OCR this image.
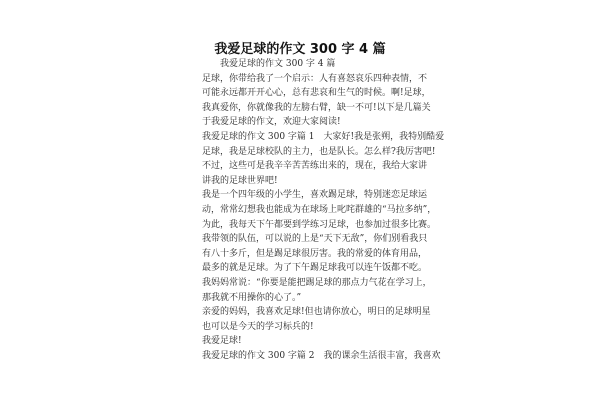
我爱足球的作文 300 字 4 篇
　　我爱足球的作文 300 字 4 篇
足球，你带给我了一个启示：人有喜怒哀乐四种表情，不
可能永远都开开心心，总有悲哀和生气的时候。啊!足球，
我真爱你，你就像我的左膀右臂，缺一不可!以下是几篇关
于我爱足球的作文，欢迎大家阅读!
我爱足球的作文 300 字篇 1　大家好!我是张朔，我特别酷爱
足球，我是足球校队的主力，也是队长。怎么样?我厉害吧!
不过，这些可是我辛辛苦苦练出来的，现在，我给大家讲
讲我的足球世界吧!
我是一个四年级的小学生，喜欢踢足球，特别迷恋足球运
动，常常幻想我也能成为在球场上叱咤群雄的“马拉多纳”，
为此，我每天下午都要到学练习足球，也参加过很多比赛。
我带领的队伍，可以说的上是“天下无敌”，你们别看我只
有八十多斤，但是踢足球很厉害。我的常爱的体育用品，
最多的就是足球。为了下午踢足球我可以连午饭都不吃。
我妈妈常说：“你要是能把踢足球的那点力气花在学习上，
那我就不用操你的心了。”
亲爱的妈妈，我喜欢足球!但也请你放心，明日的足球明星
也可以是今天的学习标兵的!
我爱足球!
我爱足球的作文 300 字篇 2　我的课余生活很丰富，我喜欢
